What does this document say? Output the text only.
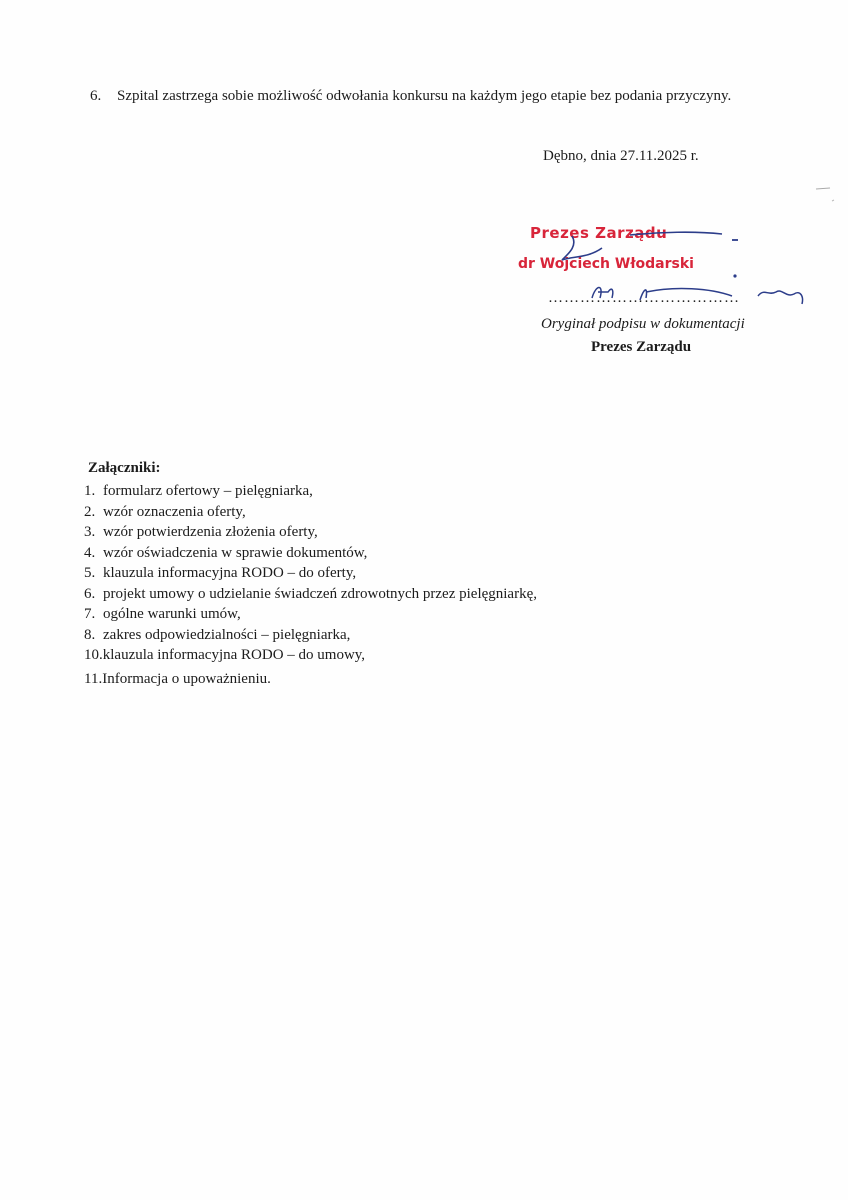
6. Szpital zastrzega sobie możliwość odwołania konkursu na każdym jego etapie bez podania przyczyny.
Dębno, dnia 27.11.2025 r.
Prezes Zarządu
dr Wojciech Włodarski
………………………………
Oryginał podpisu w dokumentacji
Prezes Zarządu
Załączniki:
1. formularz ofertowy – pielęgniarka,
2. wzór oznaczenia oferty,
3. wzór potwierdzenia złożenia oferty,
4. wzór oświadczenia w sprawie dokumentów,
5. klauzula informacyjna RODO – do oferty,
6. projekt umowy o udzielanie świadczeń zdrowotnych przez pielęgniarkę,
7. ogólne warunki umów,
8. zakres odpowiedzialności – pielęgniarka,
10.klauzula informacyjna RODO – do umowy,
11.Informacja o upoważnieniu.
